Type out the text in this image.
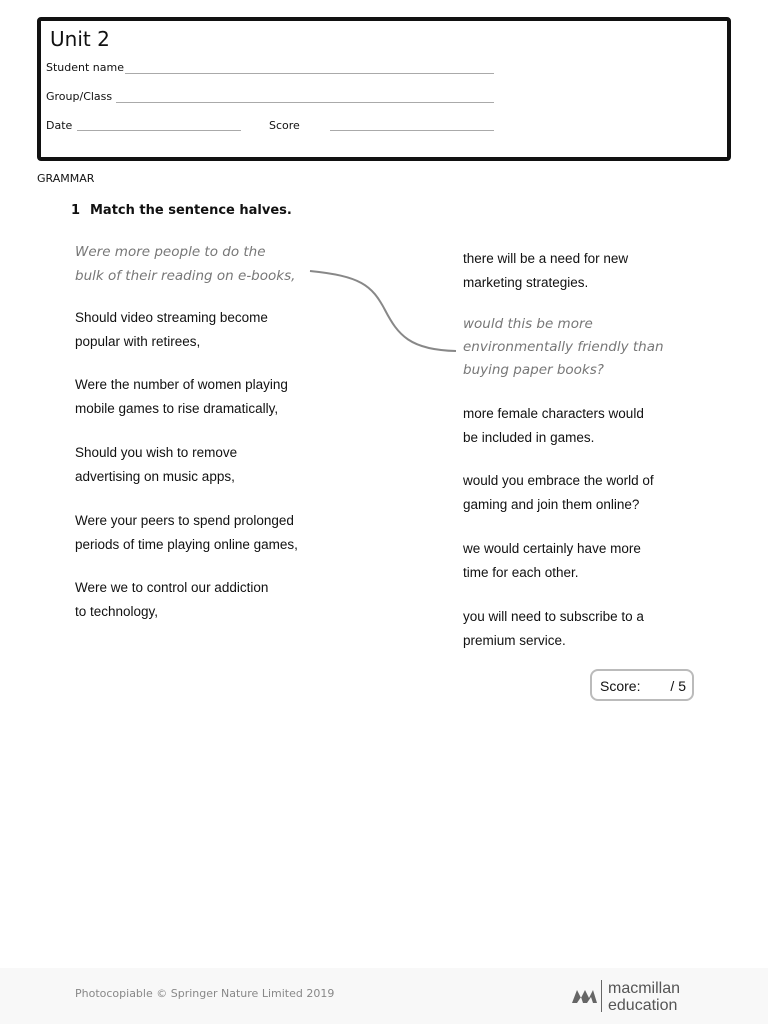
Unit 2
Student name
Group/Class
Date	Score
GRAMMAR
1 Match the sentence halves.
Were more people to do the
bulk of their reading on e-books,
Should video streaming become
popular with retirees,
Were the number of women playing
mobile games to rise dramatically,
Should you wish to remove
advertising on music apps,
Were your peers to spend prolonged
periods of time playing online games,
Were we to control our addiction
to technology,
there will be a need for new
marketing strategies.
would this be more
environmentally friendly than
buying paper books?
more female characters would
be included in games.
would you embrace the world of
gaming and join them online?
we would certainly have more
time for each other.
you will need to subscribe to a
premium service.
Score: / 5
Photocopiable © Springer Nature Limited 2019	macmillan
education
